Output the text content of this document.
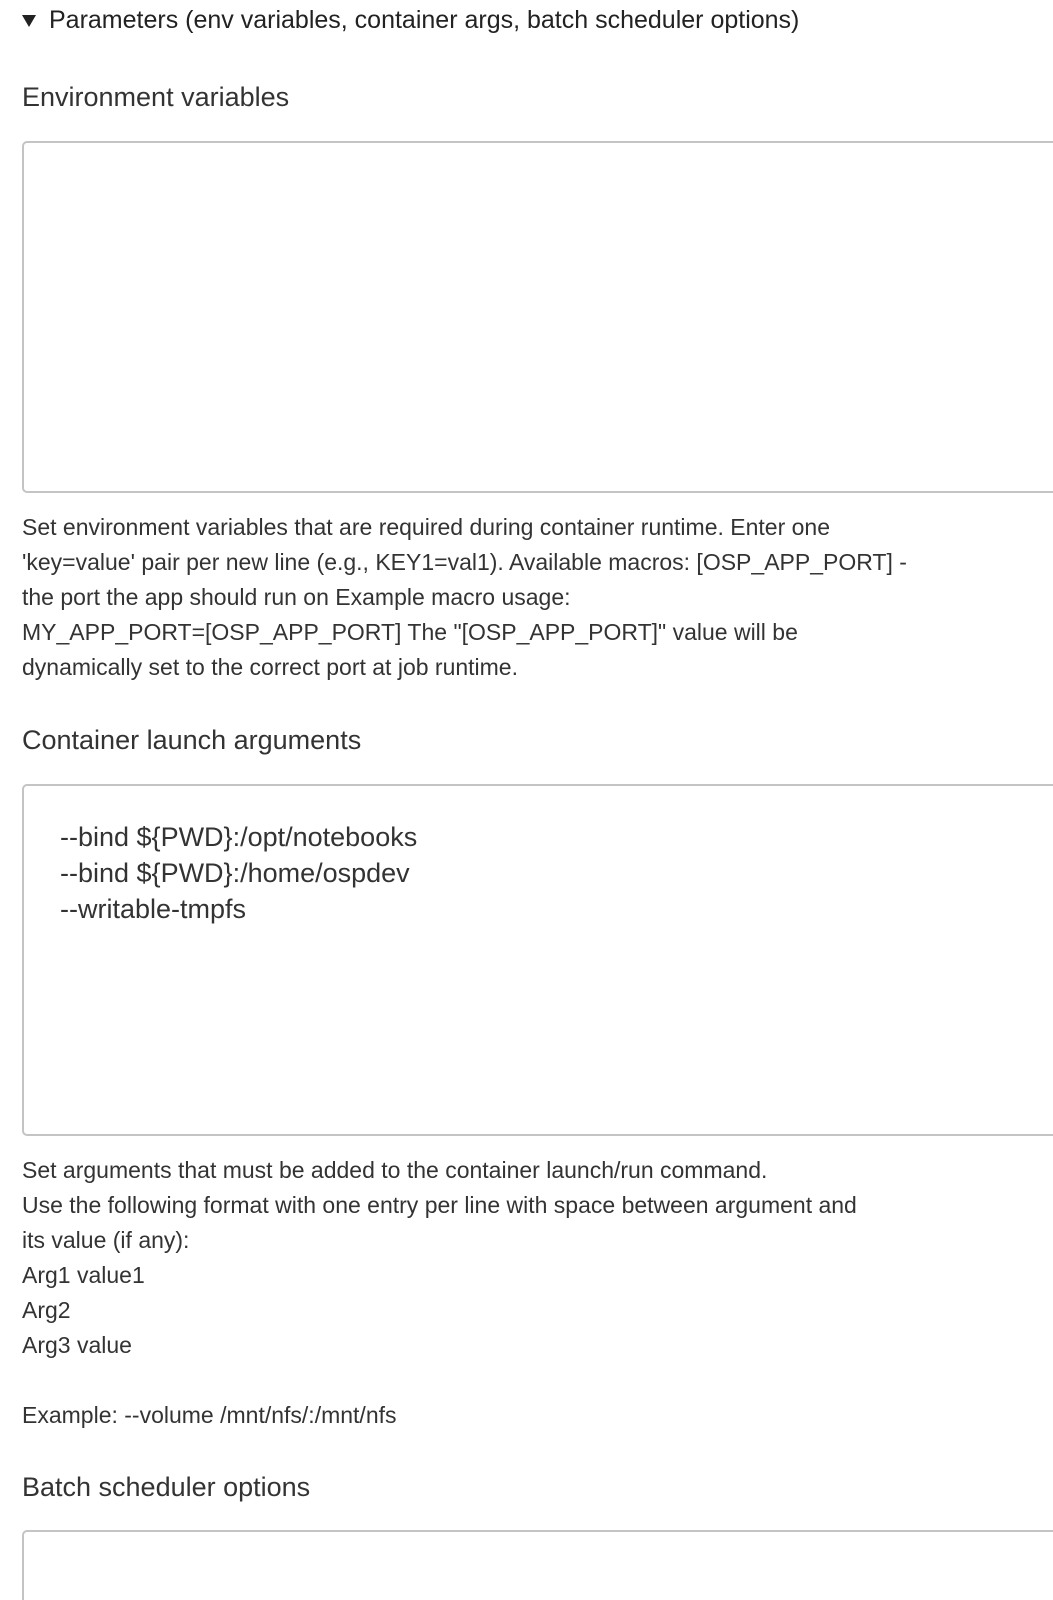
Parameters (env variables, container args, batch scheduler options)
Environment variables
Set environment variables that are required during container runtime. Enter one
'key=value' pair per new line (e.g., KEY1=val1). Available macros: [OSP_APP_PORT] -
the port the app should run on Example macro usage:
MY_APP_PORT=[OSP_APP_PORT] The "[OSP_APP_PORT]" value will be
dynamically set to the correct port at job runtime.
Container launch arguments
--bind ${PWD}:/opt/notebooks
--bind ${PWD}:/home/ospdev
--writable-tmpfs
Set arguments that must be added to the container launch/run command.
Use the following format with one entry per line with space between argument and
its value (if any):
Arg1 value1
Arg2
Arg3 value
Example: --volume /mnt/nfs/:/mnt/nfs
Batch scheduler options
